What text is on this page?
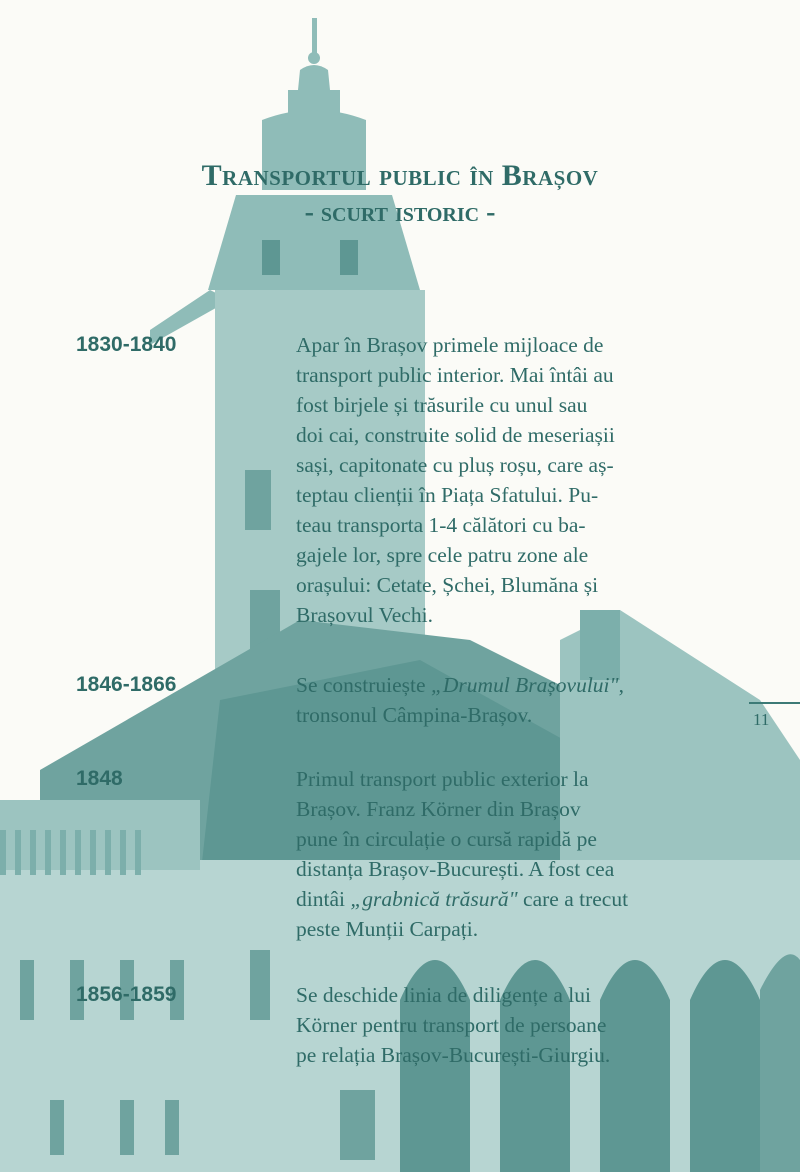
Transportul public în Brașov
- scurt istoric -
1830-1840	Apar în Brașov primele mijloace de

transport public interior. Mai întâi au

fost birjele și trăsurile cu unul sau

doi cai, construite solid de meseriașii

sași, capitonate cu pluș roșu, care aș-

teptau clienții în Piața Sfatului. Pu-

teau transporta 1-4 călători cu ba-

gajele lor, spre cele patru zone ale

orașului: Cetate, Șchei, Blumăna și

Brașovul Vechi.

1846-1866	Se construiește „Drumul Brașovului",

tronsonul Câmpina-Brașov.

1848	Primul transport public exterior la

Brașov. Franz Körner din Brașov

pune în circulație o cursă rapidă pe

distanța Brașov-București. A fost cea

dintâi „grabnică trăsură" care a trecut

peste Munții Carpați.

1856-1859	Se deschide linia de diligențe a lui

Körner pentru transport de persoane

pe relația Brașov-București-Giurgiu.

11
